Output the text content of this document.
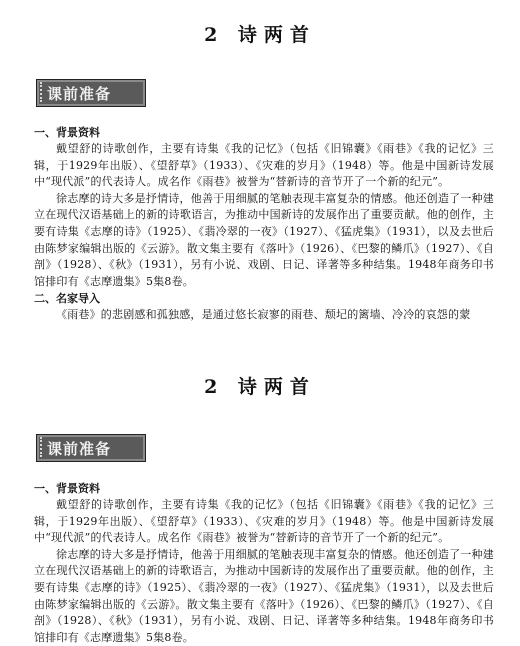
2 诗两首
课前准备

一、背景资料

戴望舒的诗歌创作，主要有诗集《我的记忆》（包括《旧锦囊》《雨巷》《我的记忆》三辑，于1929年出版）、《望舒草》（1933）、《灾难的岁月》（1948）等。他是中国新诗发展中“现代派”的代表诗人。成名作《雨巷》被誉为“替新诗的音节开了一个新的纪元”。

徐志摩的诗大多是抒情诗，他善于用细腻的笔触表现丰富复杂的情感。他还创造了一种建立在现代汉语基础上的新的诗歌语言，为推动中国新诗的发展作出了重要贡献。他的创作，主要有诗集《志摩的诗》（1925）、《翡冷翠的一夜》（1927）、《猛虎集》（1931），以及去世后由陈梦家编辑出版的《云游》。散文集主要有《落叶》（1926）、《巴黎的鳞爪》（1927）、《自剖》（1928）、《秋》（1931），另有小说、戏剧、日记、译著等多种结集。1948年商务印书馆排印有《志摩遗集》5集8卷。

二、名家导入

《雨巷》的悲剧感和孤独感，是通过悠长寂寥的雨巷、颓圮的篱墙、冷冷的哀怨的蒙

2 诗两首
课前准备

一、背景资料

戴望舒的诗歌创作，主要有诗集《我的记忆》（包括《旧锦囊》《雨巷》《我的记忆》三辑，于1929年出版）、《望舒草》（1933）、《灾难的岁月》（1948）等。他是中国新诗发展中“现代派”的代表诗人。成名作《雨巷》被誉为“替新诗的音节开了一个新的纪元”。

徐志摩的诗大多是抒情诗，他善于用细腻的笔触表现丰富复杂的情感。他还创造了一种建立在现代汉语基础上的新的诗歌语言，为推动中国新诗的发展作出了重要贡献。他的创作，主要有诗集《志摩的诗》（1925）、《翡冷翠的一夜》（1927）、《猛虎集》（1931），以及去世后由陈梦家编辑出版的《云游》。散文集主要有《落叶》（1926）、《巴黎的鳞爪》（1927）、《自剖》（1928）、《秋》（1931），另有小说、戏剧、日记、译著等多种结集。1948年商务印书馆排印有《志摩遗集》5集8卷。
